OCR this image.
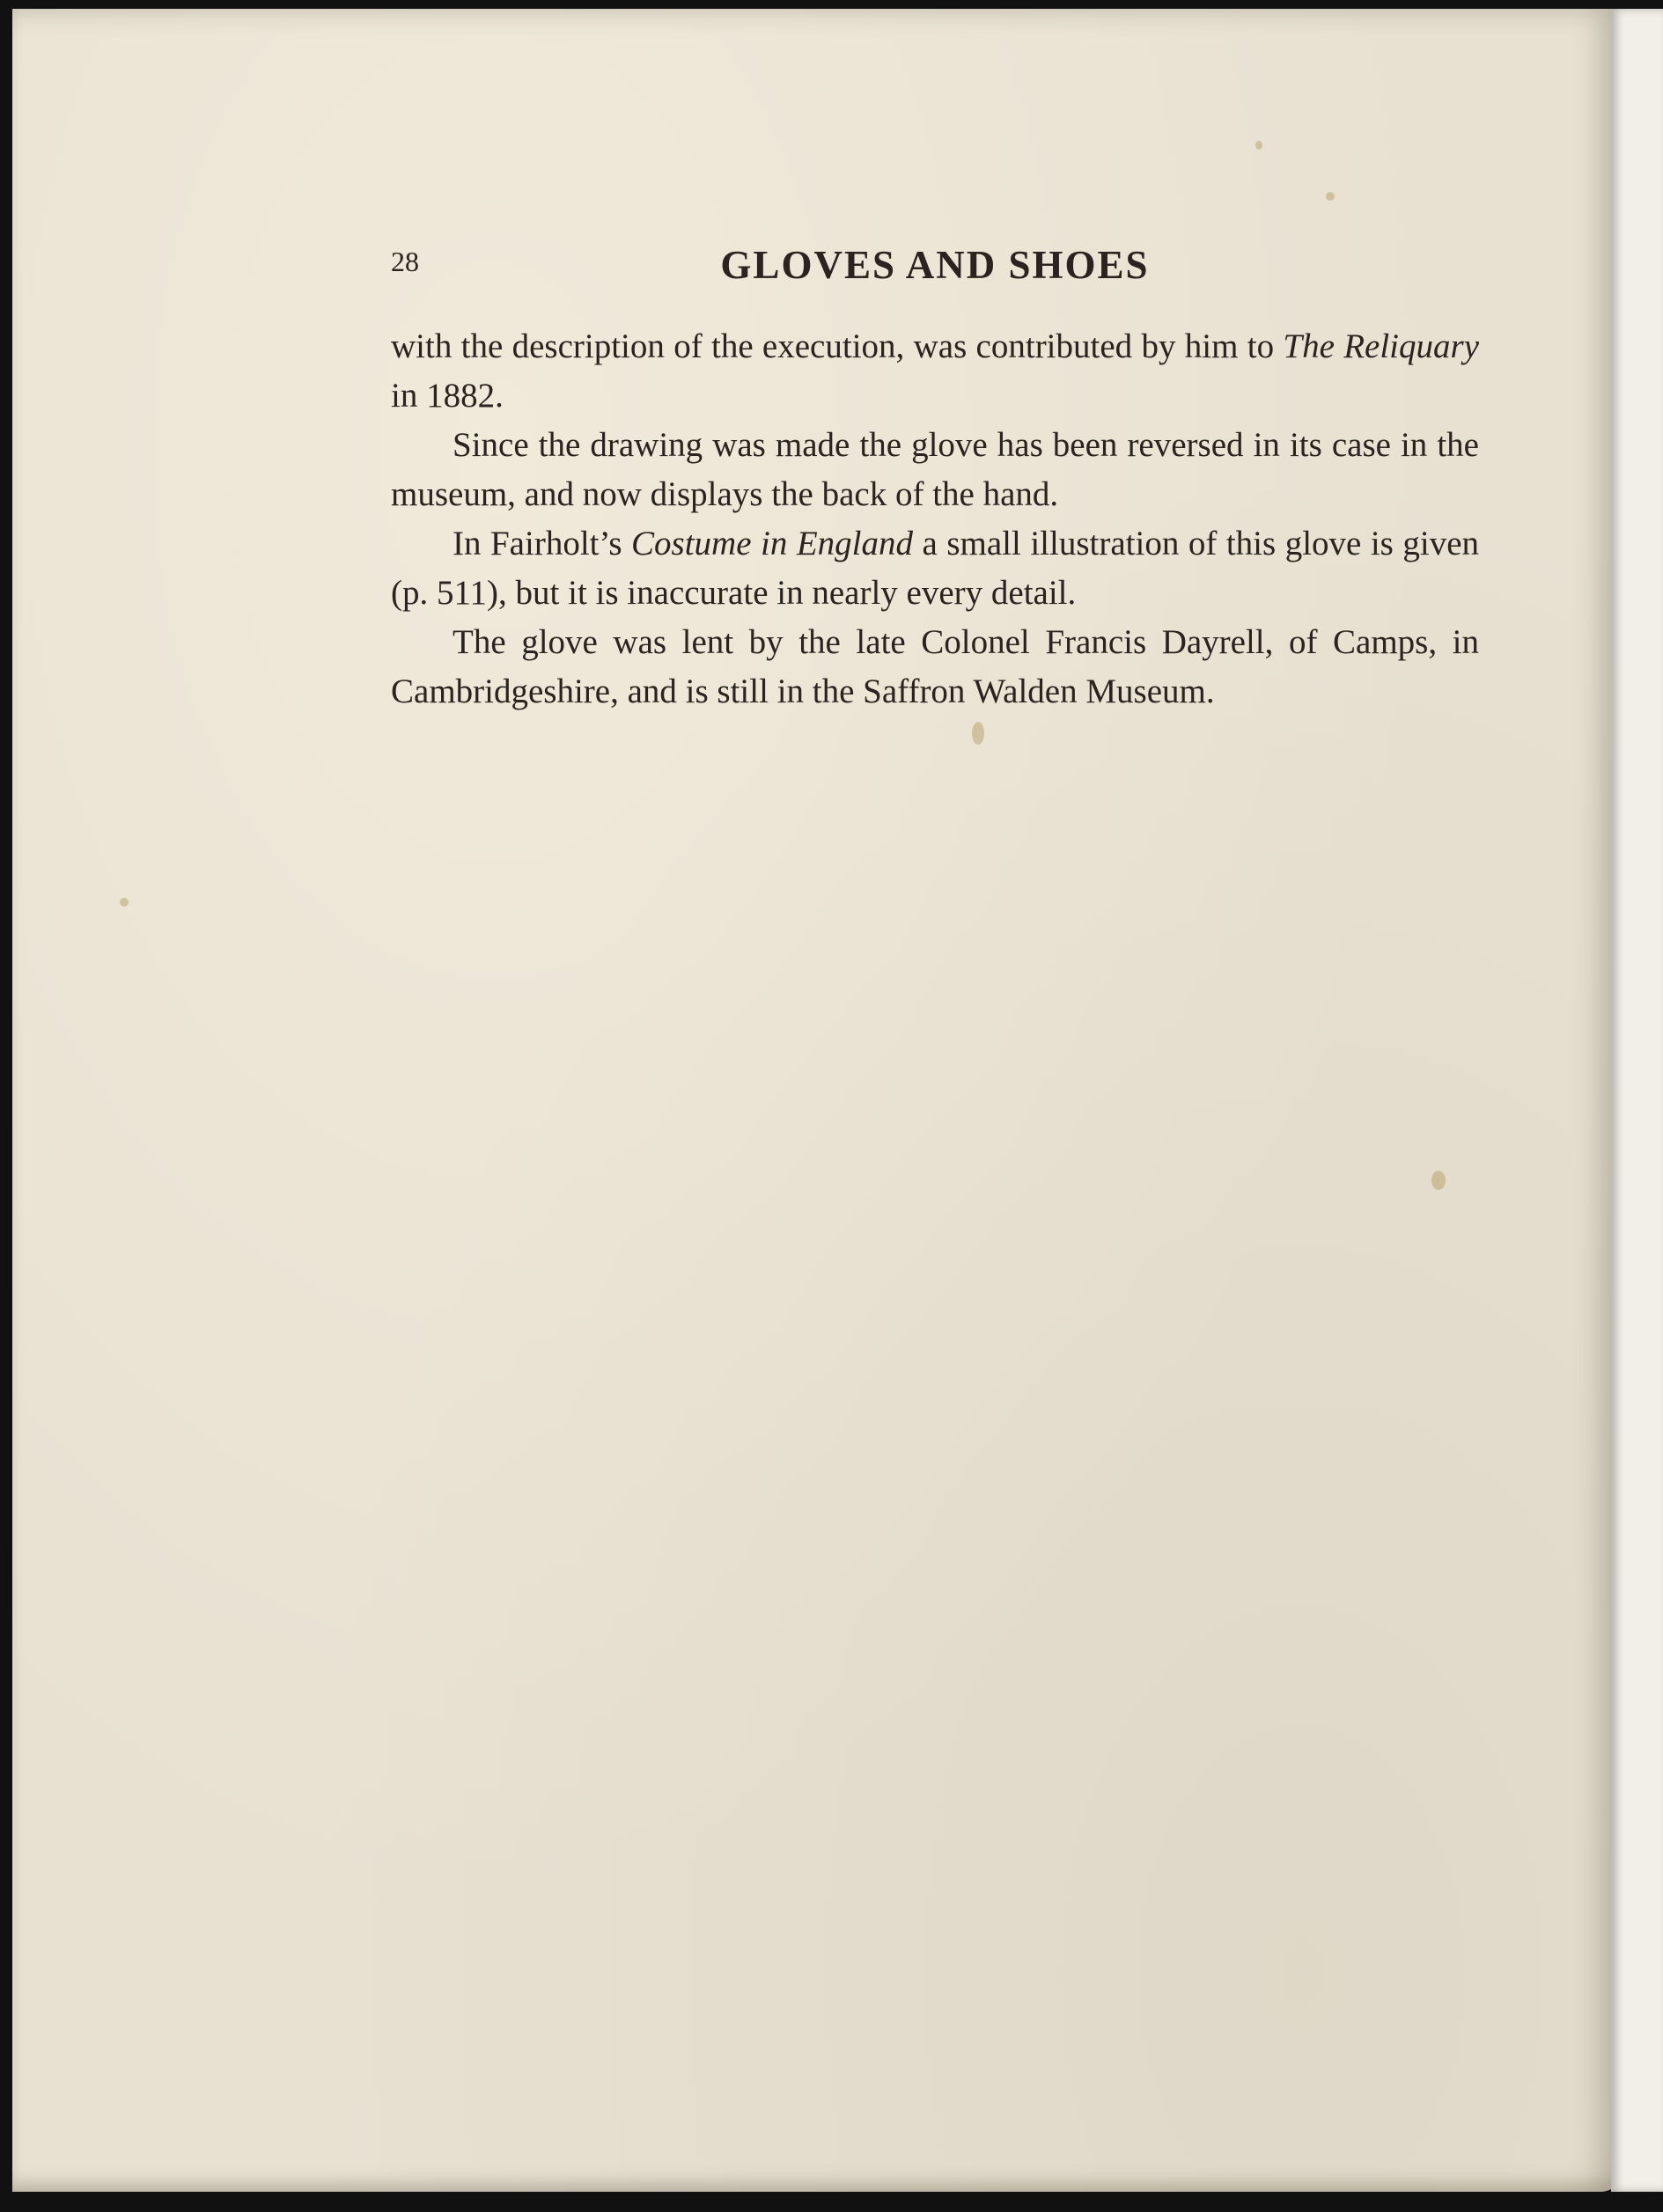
28	GLOVES AND SHOES

with the description of the execution, was contributed by him to The Reliquary in 1882.

Since the drawing was made the glove has been reversed in its case in the museum, and now displays the back of the hand.

In Fairholt’s Costume in England a small illustration of this glove is given (p. 511), but it is inaccurate in nearly every detail.

The glove was lent by the late Colonel Francis Dayrell, of Camps, in Cambridgeshire, and is still in the Saffron Walden Museum.
